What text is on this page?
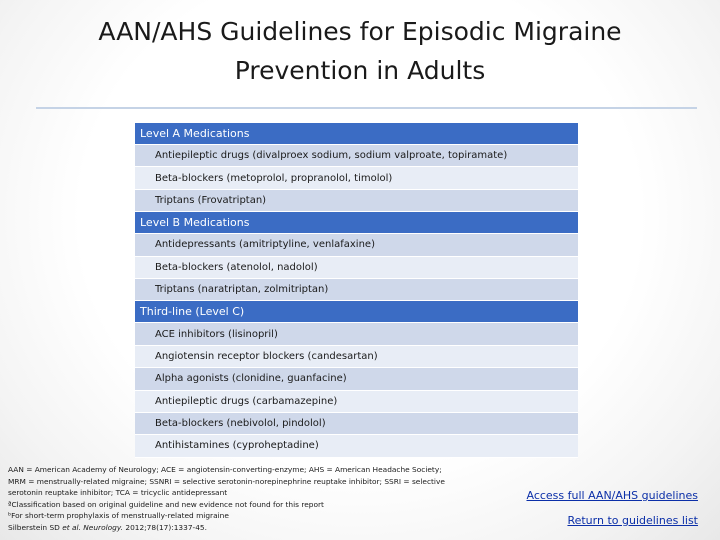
AAN/AHS Guidelines for Episodic Migraine
Prevention in Adults
Level A Medications
Antiepileptic drugs (divalproex sodium, sodium valproate, topiramate)
Beta-blockers (metoprolol, propranolol, timolol)
Triptans (Frovatriptan)
Level B Medications
Antidepressants (amitriptyline, venlafaxine)
Beta-blockers (atenolol, nadolol)
Triptans (naratriptan, zolmitriptan)
Third-line (Level C)
ACE inhibitors (lisinopril)
Angiotensin receptor blockers (candesartan)
Alpha agonists (clonidine, guanfacine)
Antiepileptic drugs (carbamazepine)
Beta-blockers (nebivolol, pindolol)
Antihistamines (cyproheptadine)
AAN = American Academy of Neurology; ACE = angiotensin-converting-enzyme; AHS = American Headache Society;
MRM = menstrually-related migraine; SSNRI = selective serotonin-norepinephrine reuptake inhibitor; SSRI = selective
serotonin reuptake inhibitor; TCA = tricyclic antidepressant
ªClassification based on original guideline and new evidence not found for this report
ᵇFor short-term prophylaxis of menstrually-related migraine
Silberstein SD et al. Neurology. 2012;78(17):1337-45.
Access full AAN/AHS guidelines
Return to guidelines list
